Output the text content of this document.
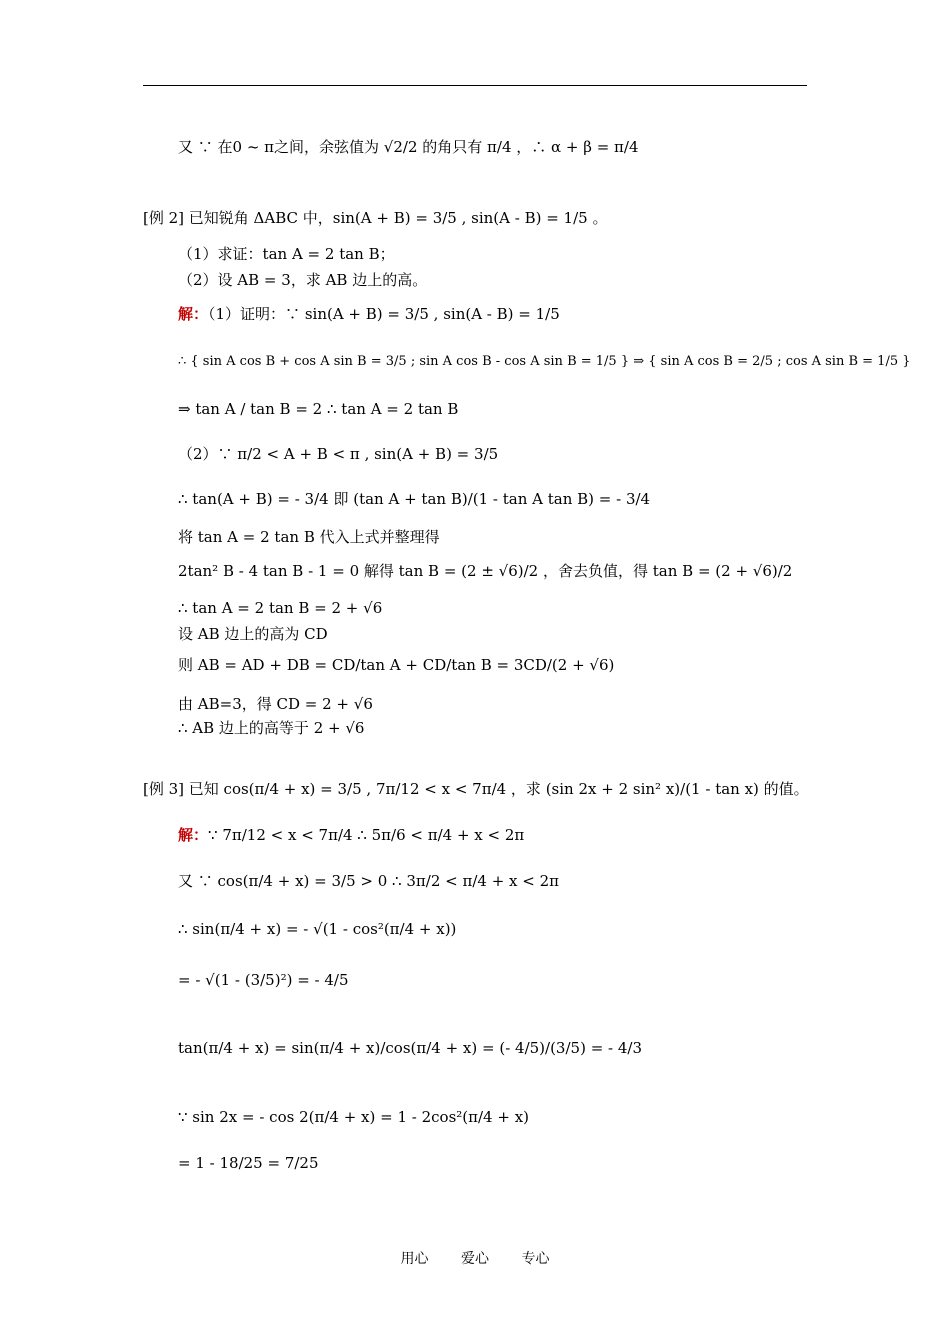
又 ∵ 在0 ~ π之间，余弦值为 √2/2 的角只有 π/4 ，∴ α + β = π/4
[例 2] 已知锐角 ΔABC 中，sin(A + B) = 3/5 , sin(A - B) = 1/5 。
（1）求证：tan A = 2 tan B；
（2）设 AB = 3，求 AB 边上的高。
解：（1）证明：∵ sin(A + B) = 3/5 , sin(A - B) = 1/5
∴ { sin A cos B + cos A sin B = 3/5 ; sin A cos B - cos A sin B = 1/5 } ⇒ { sin A cos B = 2/5 ; cos A sin B = 1/5 }
⇒ tan A / tan B = 2 ∴ tan A = 2 tan B
（2）∵ π/2 < A + B < π , sin(A + B) = 3/5
∴ tan(A + B) = - 3/4 即 (tan A + tan B)/(1 - tan A tan B) = - 3/4
将 tan A = 2 tan B 代入上式并整理得
2tan² B - 4 tan B - 1 = 0 解得 tan B = (2 ± √6)/2 ，舍去负值，得 tan B = (2 + √6)/2
∴ tan A = 2 tan B = 2 + √6
设 AB 边上的高为 CD
则 AB = AD + DB = CD/tan A + CD/tan B = 3CD/(2 + √6)
由 AB=3，得 CD = 2 + √6
∴ AB 边上的高等于 2 + √6
[例 3] 已知 cos(π/4 + x) = 3/5 , 7π/12 < x < 7π/4 ，求 (sin 2x + 2 sin² x)/(1 - tan x) 的值。
解：∵ 7π/12 < x < 7π/4 ∴ 5π/6 < π/4 + x < 2π
又 ∵ cos(π/4 + x) = 3/5 > 0 ∴ 3π/2 < π/4 + x < 2π
∴ sin(π/4 + x) = - √(1 - cos²(π/4 + x))
= - √(1 - (3/5)²) = - 4/5
tan(π/4 + x) = sin(π/4 + x)/cos(π/4 + x) = (- 4/5)/(3/5) = - 4/3
∵ sin 2x = - cos 2(π/4 + x) = 1 - 2cos²(π/4 + x)
= 1 - 18/25 = 7/25
用心 爱心 专心
